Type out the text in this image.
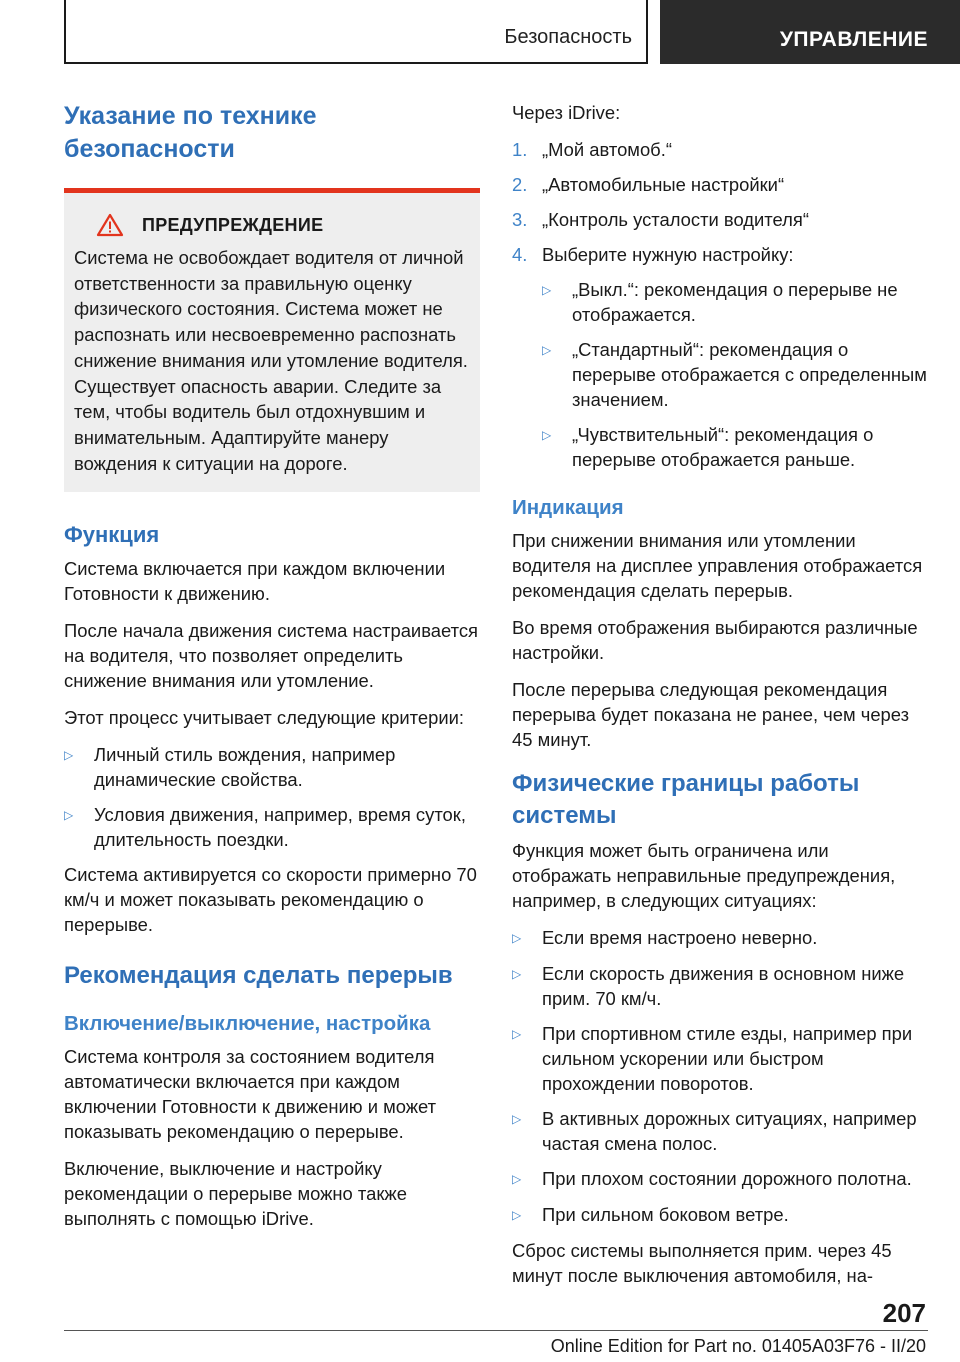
Безопасность	УПРАВЛЕНИЕ
Указание по технике безопасности
ПРЕДУПРЕЖДЕНИЕ

Система не освобождает водителя от личной ответственности за правильную оценку физического состояния. Система может не распознать или несвоевременно распознать снижение внимания или утомление водителя. Существует опасность аварии. Следите за тем, чтобы водитель был отдохнувшим и внимательным. Адаптируйте манеру вождения к ситуации на дороге.

Функция

Система включается при каждом включении Готовности к движению.

После начала движения система настраивается на водителя, что позволяет определить снижение внимания или утомление.

Этот процесс учитывает следующие критерии:

▷	Личный стиль вождения, например динамические свойства.
▷	Условия движения, например, время суток, длительность поездки.

Система активируется со скорости примерно 70 км/ч и может показывать рекомендацию о перерыве.

Рекомендация сделать перерыв
Включение/выключение, настройка

Система контроля за состоянием водителя автоматически включается при каждом включении Готовности к движению и может показывать рекомендацию о перерыве.

Включение, выключение и настройку рекомендации о перерыве можно также выполнять с помощью iDrive.

Через iDrive:

1. „Мой автомоб.“
2. „Автомобильные настройки“
3. „Контроль усталости водителя“
4. Выберите нужную настройку:
▷	„Выкл.“: рекомендация о перерыве не отображается.
▷	„Стандартный“: рекомендация о перерыве отображается с определенным значением.
▷	„Чувствительный“: рекомендация о перерыве отображается раньше.
Индикация

При снижении внимания или утомлении водителя на дисплее управления отображается рекомендация сделать перерыв.

Во время отображения выбираются различные настройки.

После перерыва следующая рекомендация перерыва будет показана не ранее, чем через 45 минут.

Физические границы работы системы

Функция может быть ограничена или отображать неправильные предупреждения, например, в следующих ситуациях:

▷	Если время настроено неверно.
▷	Если скорость движения в основном ниже прим. 70 км/ч.
▷	При спортивном стиле езды, например при сильном ускорении или быстром прохождении поворотов.
▷	В активных дорожных ситуациях, например частая смена полос.
▷	При плохом состоянии дорожного полотна.
▷	При сильном боковом ветре.

Сброс системы выполняется прим. через 45 минут после выключения автомобиля, на-

207
Online Edition for Part no. 01405A03F76 - II/20
